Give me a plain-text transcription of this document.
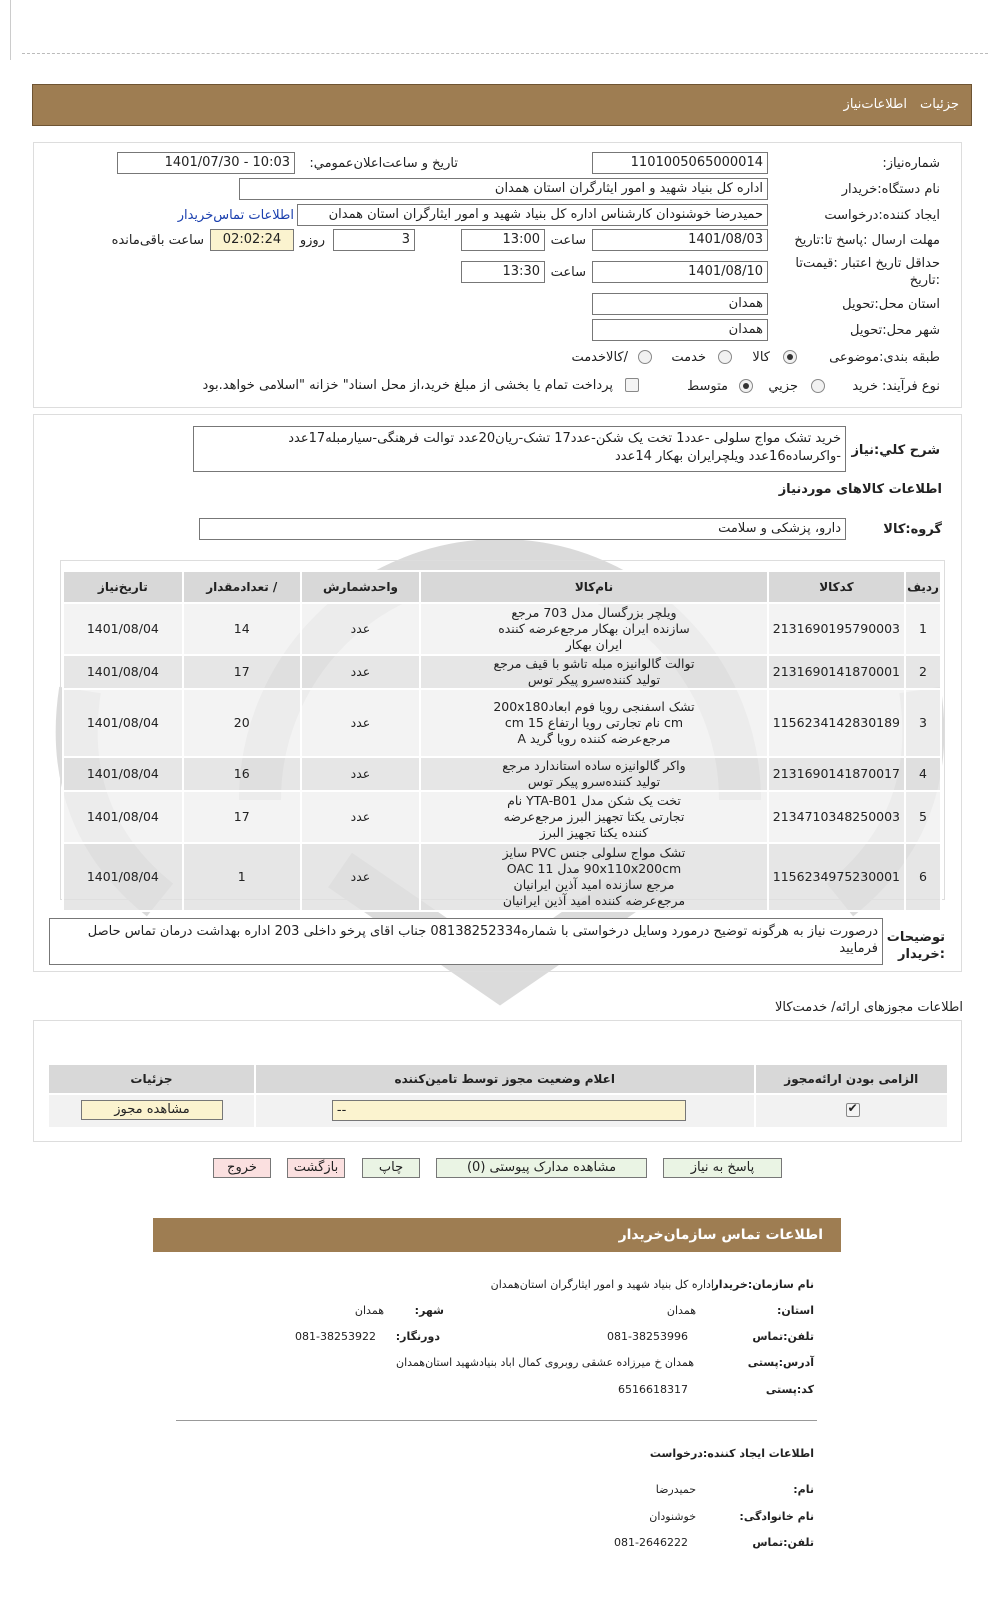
جزئیات
اطلاعات‌نیاز
شماره‌نیاز:
1101005065000014
تاریخ و ساعت‌اعلان‌عمومي:
1401/07/30 - 10:03
نام دستگاه:خریدار
اداره کل بنیاد شهید و امور ایثارگران استان همدان
ایجاد کننده:درخواست
حمیدرضا خوشنودان کارشناس اداره کل بنیاد شهید و امور ایثارگران استان همدان
اطلاعات تماس‌خریدار
مهلت ارسال :پاسخ تا:تاریخ
1401/08/03
ساعت
13:00
3
روزو
02:02:24
ساعت باقی‌مانده
حداقل تاریخ اعتبار :قیمت‌تا
:تاریخ
1401/08/10
ساعت
13:30
استان محل:تحویل
همدان
شهر محل:تحویل
همدان
طبقه بندی:موضوعی
کالا
خدمت
/کالاخدمت
نوع فرآیند:
خرید
جزیي
متوسط
پرداخت تمام یا بخشی از مبلغ خرید،از محل اسناد" خزانه "اسلامی خواهد.بود
شرح کلي:نیاز
خرید تشک مواج سلولی -عدد1 تخت یک شکن-عدد17 تشک-ریان20عدد توالت فرهنگی-سیارمبله17عدد
-واکرساده16عدد ویلچرایران بهکار 14عدد
اطلاعات کالاهای موردنیاز
گروه:کالا
دارو، پزشکی و سلامت
ردیف	کدکالا	نام‌کالا	واحدشمارش	/ تعدادمقدار	تاریخ‌نیاز
1	2131690195790003	ویلچر بزرگسال مدل 703 مرجع سازنده ایران بهکار مرجع‌عرضه کننده ایران بهکار	عدد	14	1401/08/04
2	2131690141870001	توالت گالوانیزه مبله تاشو با قیف مرجع تولید کننده‌سرو پیکر توس	عدد	17	1401/08/04
3	1156234142830189	تشک اسفنجی رویا فوم ابعاد200x180 cm نام تجارتی رویا ارتفاع 15 cm مرجع‌عرضه کننده رویا گرید A	عدد	20	1401/08/04
4	2131690141870017	واکر گالوانیزه ساده استاندارد مرجع تولید کننده‌سرو پیکر توس	عدد	16	1401/08/04
5	2134710348250003	تخت یک شکن مدل YTA-B01 نام تجارتی یکتا تجهیز البرز مرجع‌عرضه کننده یکتا تجهیز البرز	عدد	17	1401/08/04
6	1156234975230001	تشک مواج سلولی جنس PVC سایز 90x110x200cm مدل OAC 11 مرجع سازنده امید آذین ایرانیان مرجع‌عرضه کننده امید آذین ایرانیان	عدد	1	1401/08/04
توضیحات
:خریدار
درصورت نیاز به هرگونه توضیح درمورد وسایل درخواستی با شماره08138252334 جناب اقای پرخو داخلی 203 اداره بهداشت درمان تماس حاصل فرمایید
اطلاعات مجوزهای ارائه/ خدمت‌کالا
الزامی بودن ارائه‌مجوز	اعلام وضعیت مجوز توسط تامین‌کننده	جزئیات

✔	--	مشاهده مجوز
پاسخ به نیاز
مشاهده مدارک پیوستی (0)
چاپ
بازگشت
خروج
اطلاعات تماس سازمان‌خریدار
نام سازمان:خریدار
اداره کل بنیاد شهید و امور ایثارگران استان‌همدان
استان:
همدان
شهر:
همدان
تلفن:تماس
081-38253996
دورنگار:
081-38253922
آدرس:پستی
همدان خ میرزاده عشقی روبروی کمال اباد بنیادشهید استان‌همدان
کد:پستی
6516618317
اطلاعات ایجاد کننده:درخواست
نام:
حمیدرضا
نام خانوادگی:
خوشنودان
تلفن:تماس
081-2646222
